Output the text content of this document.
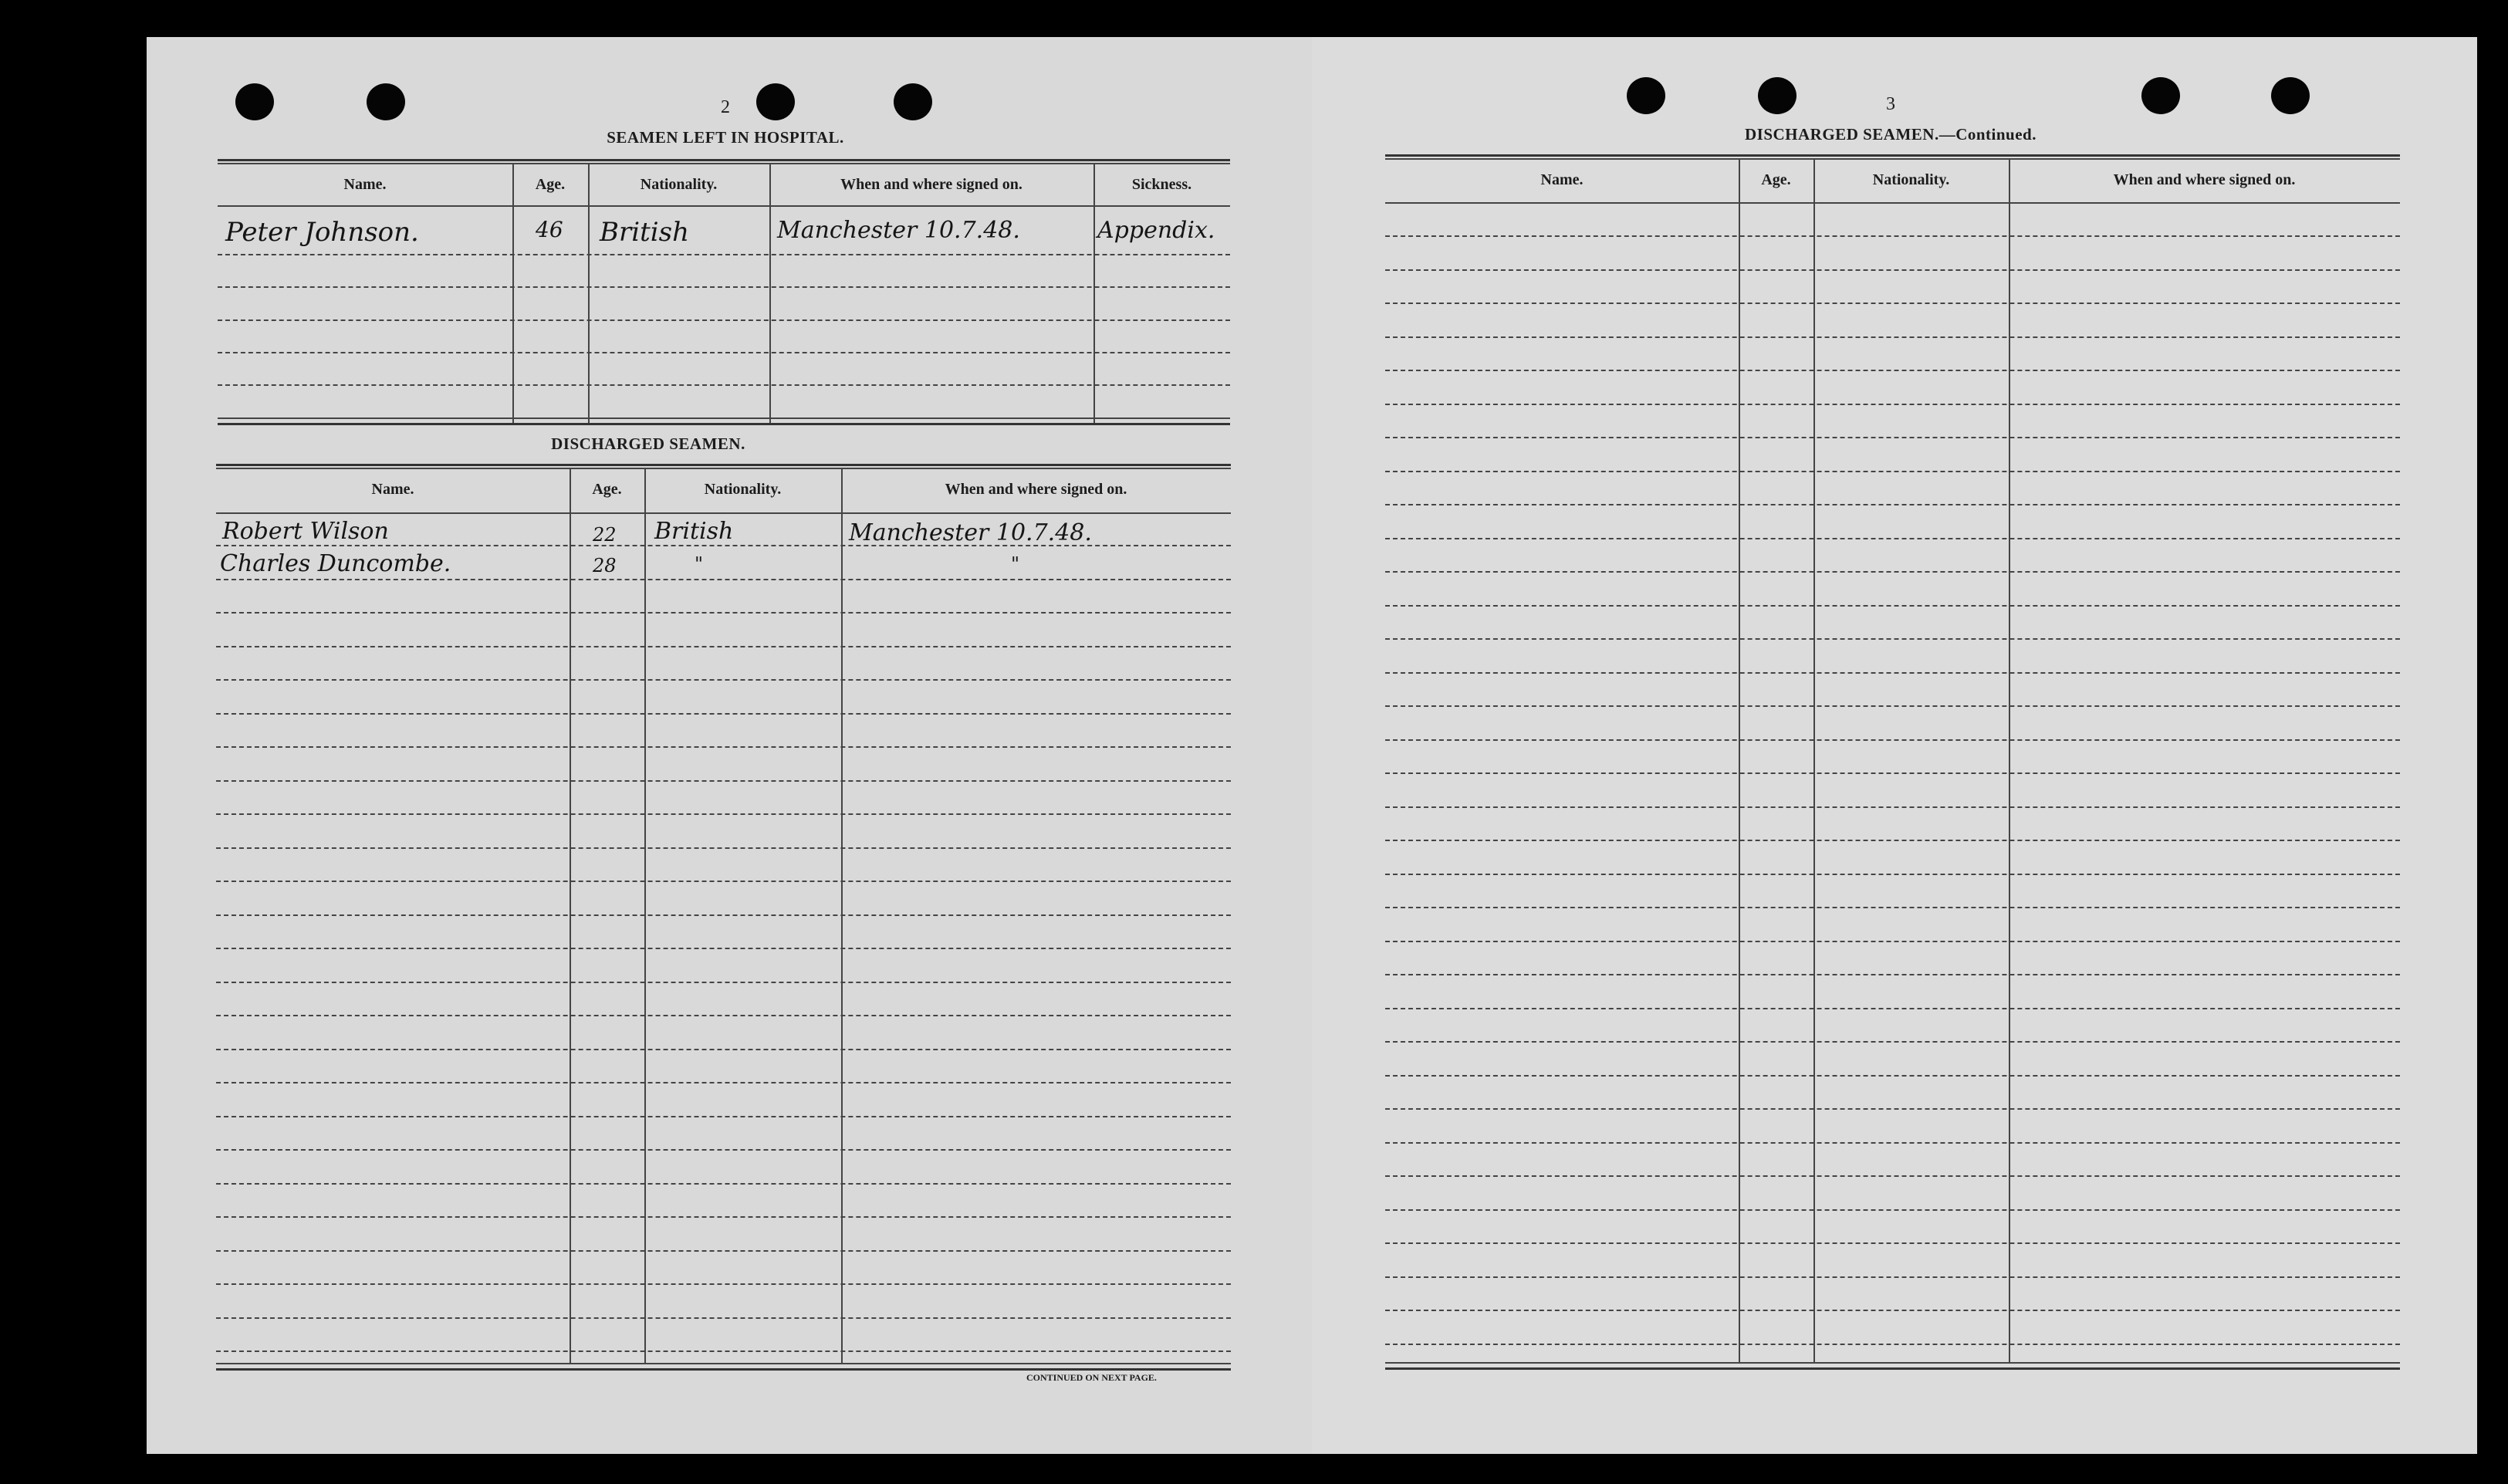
2
SEAMEN LEFT IN HOSPITAL.
Name.	Age.	Nationality.	When and where signed on.	Sickness.
Peter Johnson.	46 British	Manchester 10.7.48.	Appendix.
DISCHARGED SEAMEN.
Name.	Age.	Nationality.	When and where signed on.
Robert Wilson	22 British	Manchester 10.7.48.
Charles Duncombe.	28	"	"
CONTINUED ON NEXT PAGE.
3
DISCHARGED SEAMEN.—Continued.
Name.	Age.	Nationality.	When and where signed on.
